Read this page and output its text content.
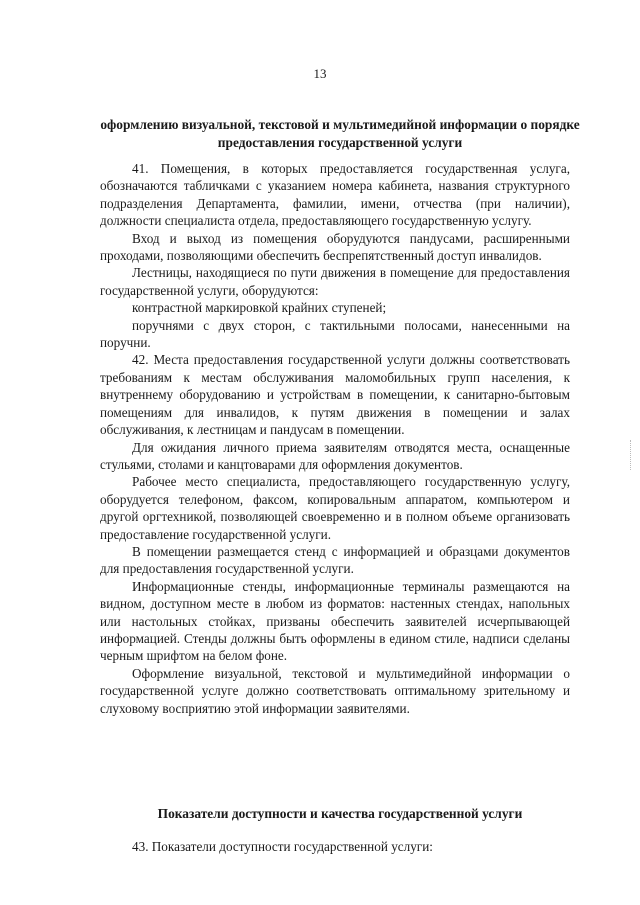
13
оформлению визуальной, текстовой и мультимедийной информации о порядке предоставления государственной услуги

41. Помещения, в которых предоставляется государственная услуга, обозначаются табличками с указанием номера кабинета, названия структурного подразделения Департамента, фамилии, имени, отчества (при наличии), должности специалиста отдела, предоставляющего государственную услугу.

Вход и выход из помещения оборудуются пандусами, расширенными проходами, позволяющими обеспечить беспрепятственный доступ инвалидов.

Лестницы, находящиеся по пути движения в помещение для предоставления государственной услуги, оборудуются:

контрастной маркировкой крайних ступеней;

поручнями с двух сторон, с тактильными полосами, нанесенными на поручни.

42. Места предоставления государственной услуги должны соответствовать требованиям к местам обслуживания маломобильных групп населения, к внутреннему оборудованию и устройствам в помещении, к санитарно-бытовым помещениям для инвалидов, к путям движения в помещении и залах обслуживания, к лестницам и пандусам в помещении.

Для ожидания личного приема заявителям отводятся места, оснащенные стульями, столами и канцтоварами для оформления документов.

Рабочее место специалиста, предоставляющего государственную услугу, оборудуется телефоном, факсом, копировальным аппаратом, компьютером и другой оргтехникой, позволяющей своевременно и в полном объеме организовать предоставление государственной услуги.

В помещении размещается стенд с информацией и образцами документов для предоставления государственной услуги.

Информационные стенды, информационные терминалы размещаются на видном, доступном месте в любом из форматов: настенных стендах, напольных или настольных стойках, призваны обеспечить заявителей исчерпывающей информацией. Стенды должны быть оформлены в едином стиле, надписи сделаны черным шрифтом на белом фоне.

Оформление визуальной, текстовой и мультимедийной информации о государственной услуге должно соответствовать оптимальному зрительному и слуховому восприятию этой информации заявителями.

Показатели доступности и качества государственной услуги
43. Показатели доступности государственной услуги:
